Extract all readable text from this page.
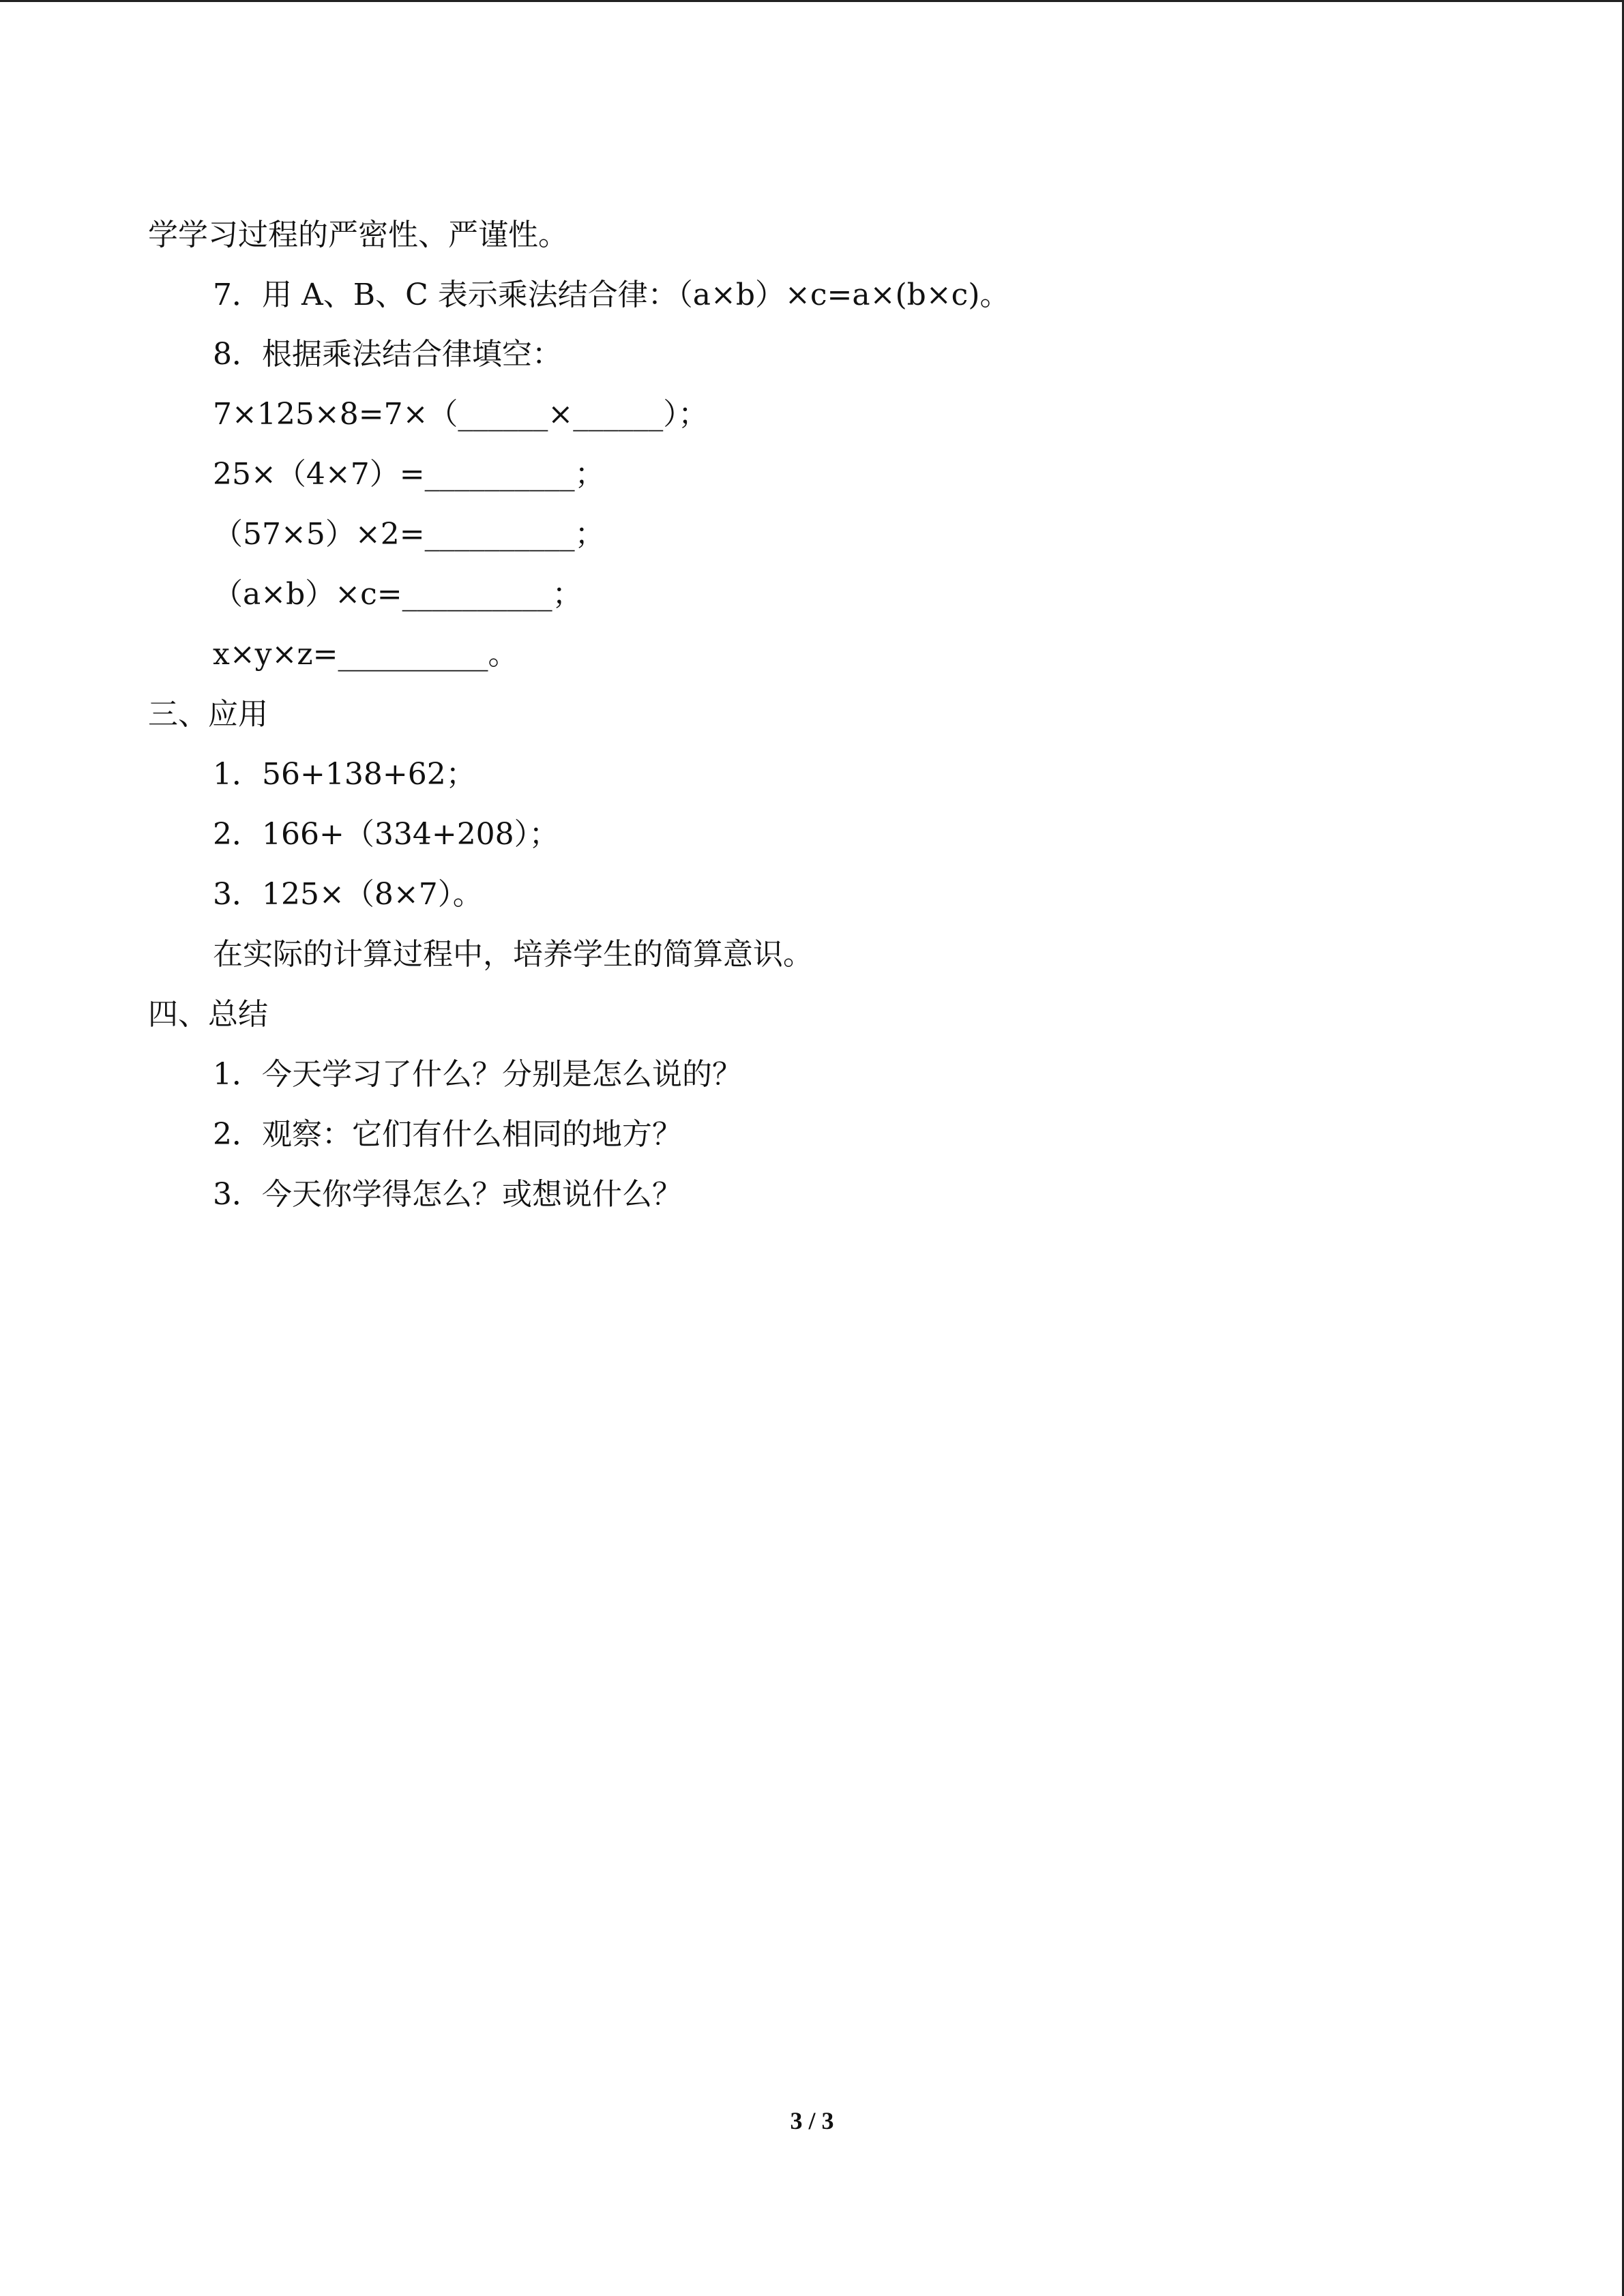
学学习过程的严密性、严谨性。
7．用 A、B、C 表示乘法结合律：（a×b）×c=a×(b×c)。
8．根据乘法结合律填空：
7×125×8=7×（______×______）；
25×（4×7）=__________；
（57×5）×2=__________；
（a×b）×c=__________；
x×y×z=__________。
三、应用
1．56+138+62；
2．166+（334+208）；
3．125×（8×7）。
在实际的计算过程中，培养学生的简算意识。
四、总结
1．今天学习了什么？分别是怎么说的？
2．观察：它们有什么相同的地方？
3．今天你学得怎么？或想说什么？
3 / 3
